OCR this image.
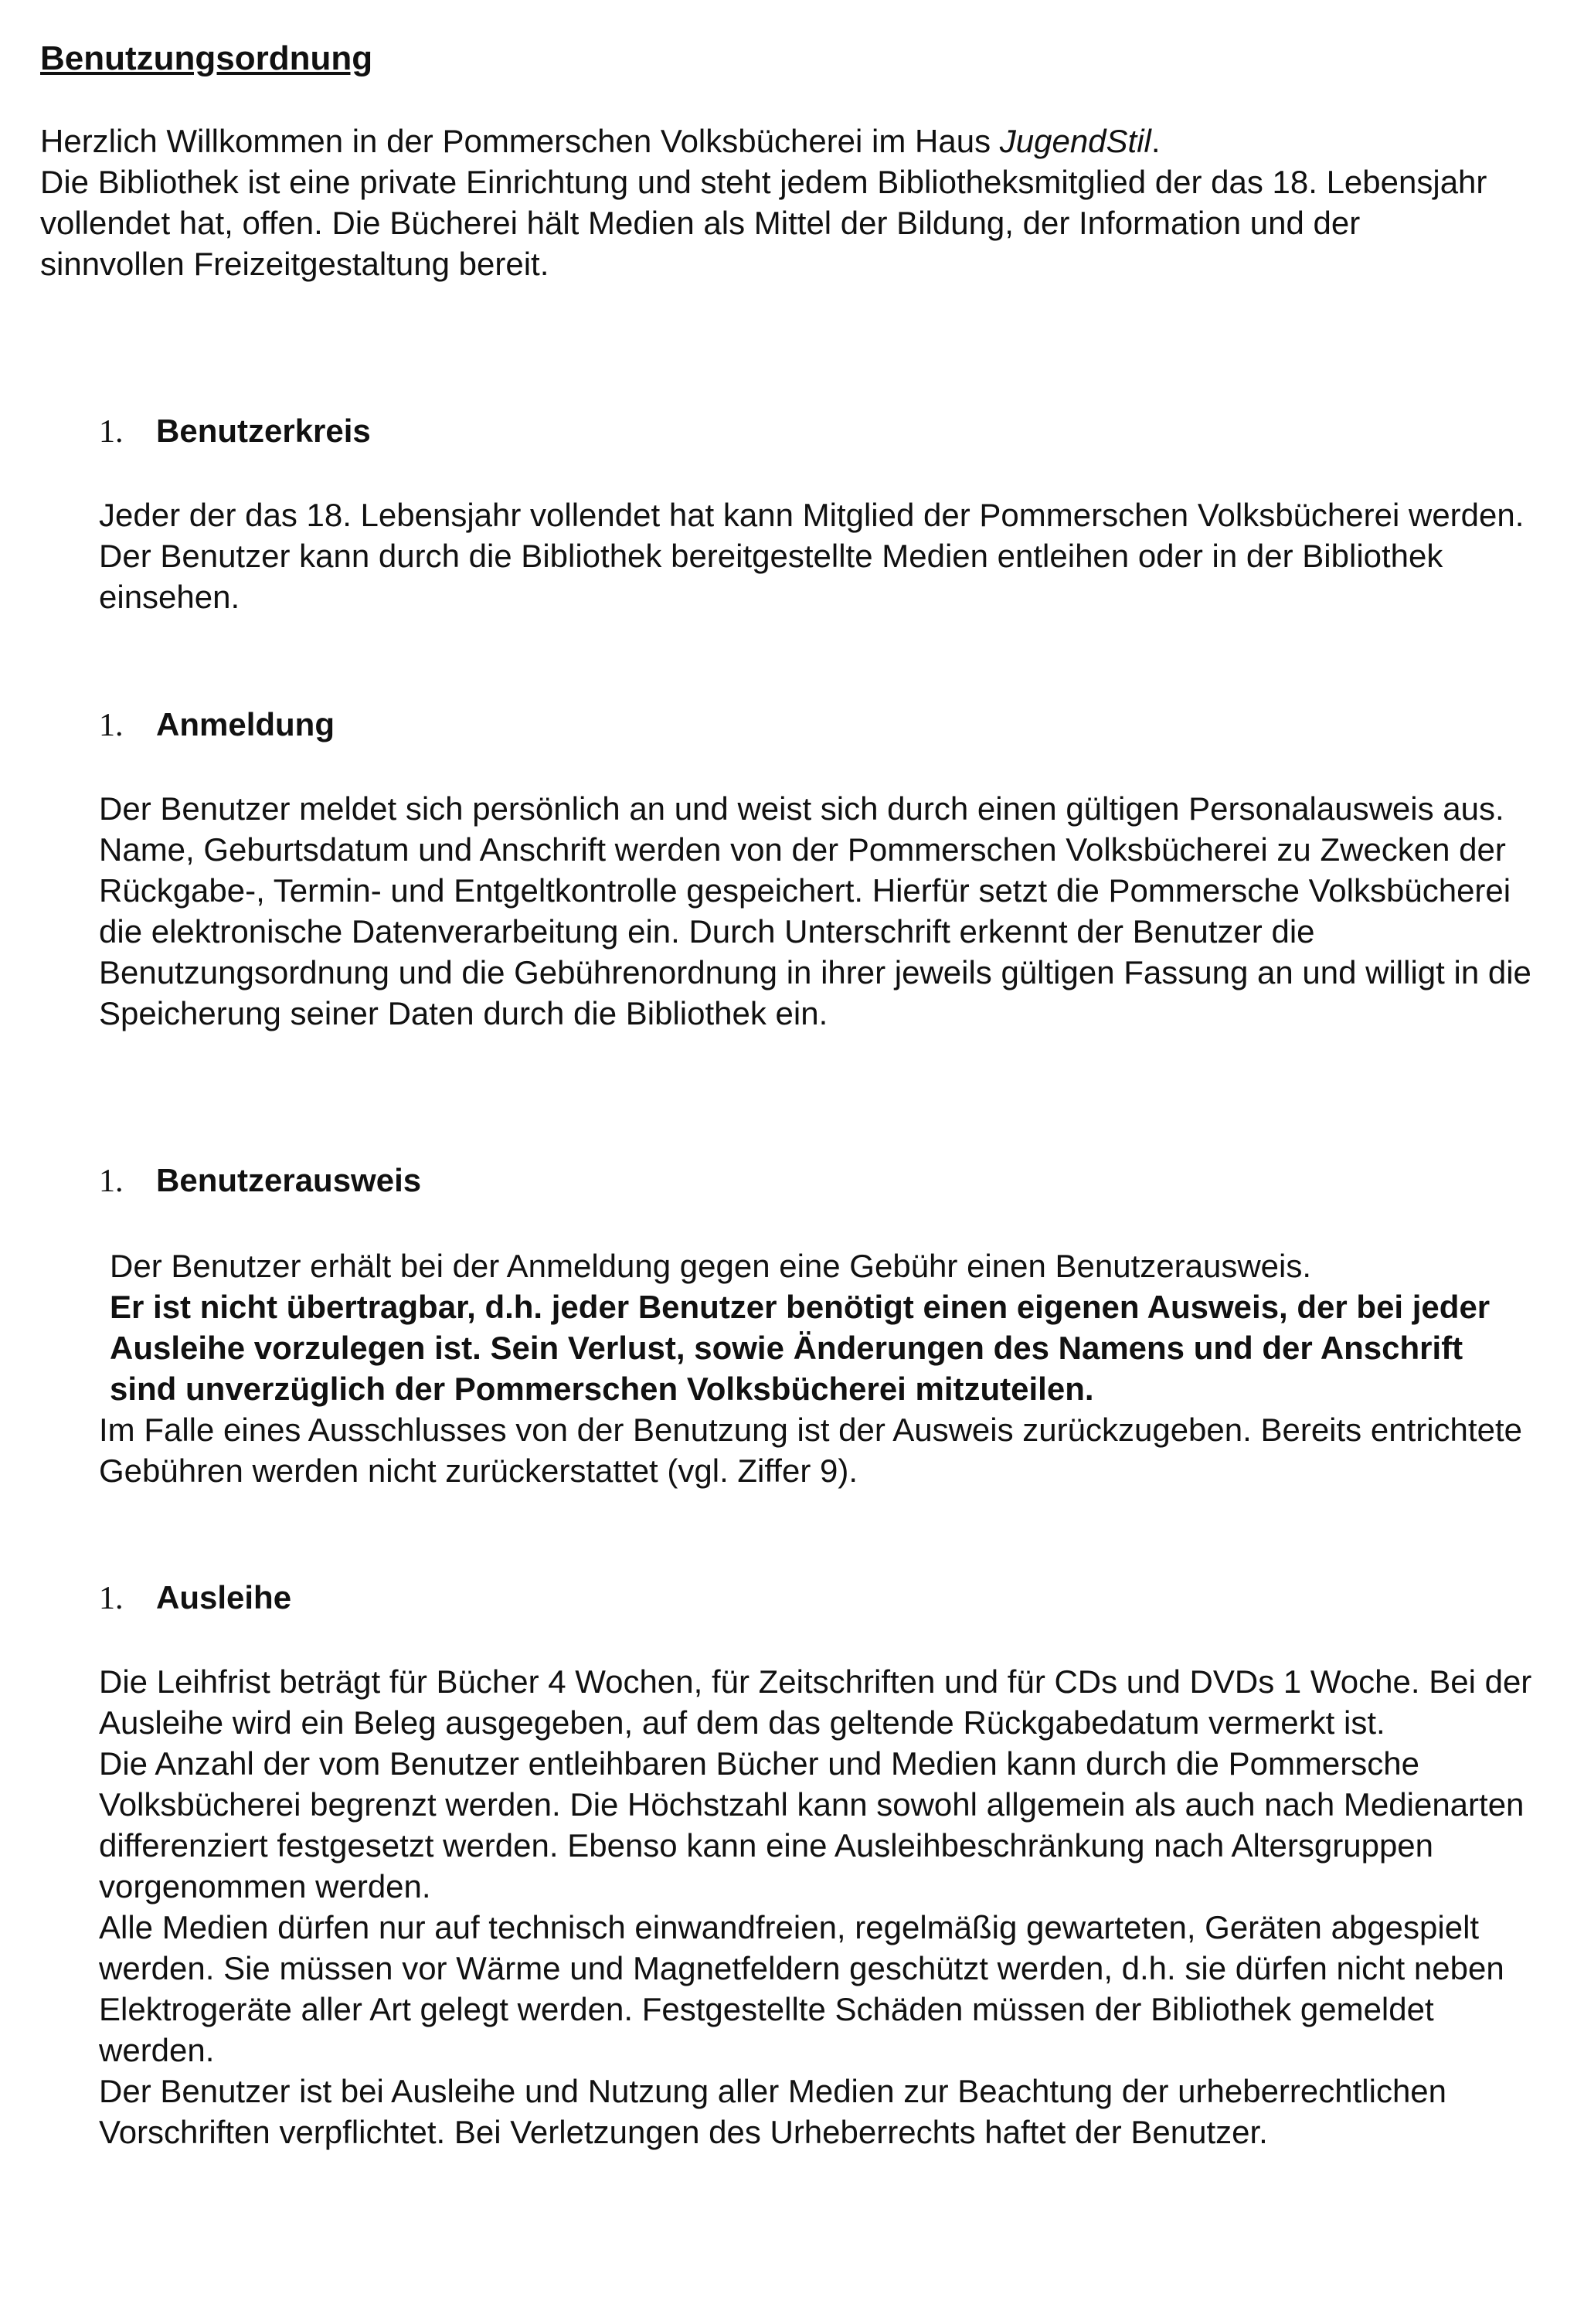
Benutzungsordnung

Herzlich Willkommen in der Pommerschen Volksbücherei im Haus JugendStil.

Die Bibliothek ist eine private Einrichtung und steht jedem Bibliotheksmitglied der das 18. Lebensjahr vollendet hat, offen. Die Bücherei hält Medien als Mittel der Bildung, der Information und der sinnvollen Freizeitgestaltung bereit.

1. Benutzerkreis

Jeder der das 18. Lebensjahr vollendet hat kann Mitglied der Pommerschen Volksbücherei werden. Der Benutzer kann durch die Bibliothek bereitgestellte Medien entleihen oder in der Bibliothek einsehen.

1. Anmeldung

Der Benutzer meldet sich persönlich an und weist sich durch einen gültigen Personalausweis aus. Name, Geburtsdatum und Anschrift werden von der Pommerschen Volksbücherei zu Zwecken der Rückgabe-, Termin- und Entgeltkontrolle gespeichert. Hierfür setzt die Pommersche Volksbücherei die elektronische Datenverarbeitung ein. Durch Unterschrift erkennt der Benutzer die Benutzungsordnung und die Gebührenordnung in ihrer jeweils gültigen Fassung an und willigt in die Speicherung seiner Daten durch die Bibliothek ein.

1. Benutzerausweis

Der Benutzer erhält bei der Anmeldung gegen eine Gebühr einen Benutzerausweis.

Er ist nicht übertragbar, d.h. jeder Benutzer benötigt einen eigenen Ausweis, der bei jeder Ausleihe vorzulegen ist. Sein Verlust, sowie Änderungen des Namens und der Anschrift sind unverzüglich der Pommerschen Volksbücherei mitzuteilen.

Im Falle eines Ausschlusses von der Benutzung ist der Ausweis zurückzugeben. Bereits entrichtete Gebühren werden nicht zurückerstattet (vgl. Ziffer 9).

1. Ausleihe

Die Leihfrist beträgt für Bücher 4 Wochen, für Zeitschriften und für CDs und DVDs 1 Woche. Bei der Ausleihe wird ein Beleg ausgegeben, auf dem das geltende Rückgabedatum vermerkt ist.

Die Anzahl der vom Benutzer entleihbaren Bücher und Medien kann durch die Pommersche Volksbücherei begrenzt werden. Die Höchstzahl kann sowohl allgemein als auch nach Medienarten differenziert festgesetzt werden. Ebenso kann eine Ausleihbeschränkung nach Altersgruppen vorgenommen werden.

Alle Medien dürfen nur auf technisch einwandfreien, regelmäßig gewarteten, Geräten abgespielt werden. Sie müssen vor Wärme und Magnetfeldern geschützt werden, d.h. sie dürfen nicht neben Elektrogeräte aller Art gelegt werden. Festgestellte Schäden müssen der Bibliothek gemeldet werden.

Der Benutzer ist bei Ausleihe und Nutzung aller Medien zur Beachtung der urheberrechtlichen Vorschriften verpflichtet. Bei Verletzungen des Urheberrechts haftet der Benutzer.
